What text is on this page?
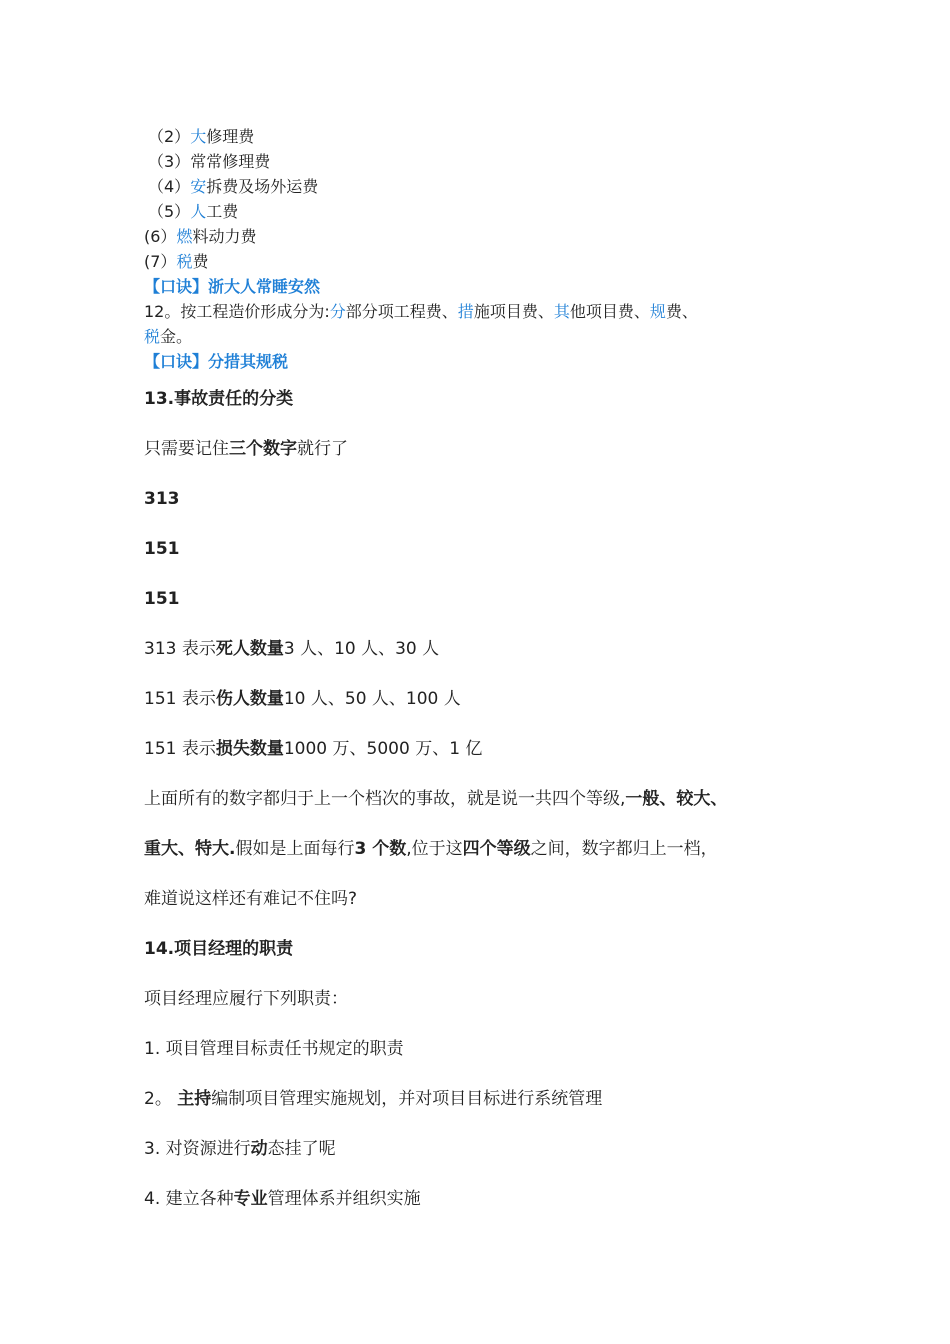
（2）大修理费
（3）常常修理费
（4）安拆费及场外运费
（5）人工费
(6）燃料动力费
(7）税费
【口诀】浙大人常睡安然
12。按工程造价形成分为:分部分项工程费、措施项目费、其他项目费、规费、
税金。
【口诀】分措其规税
13.事故责任的分类
只需要记住三个数字就行了
313
151
151
313 表示死人数量3 人、10 人、30 人
151 表示伤人数量10 人、50 人、100 人
151 表示损失数量1000 万、5000 万、1 亿
上面所有的数字都归于上一个档次的事故，就是说一共四个等级,一般、较大、
重大、特大.假如是上面每行3 个数,位于这四个等级之间，数字都归上一档，
难道说这样还有难记不住吗?
14.项目经理的职责
项目经理应履行下列职责：
1. 项目管理目标责任书规定的职责
2。 主持编制项目管理实施规划，并对项目目标进行系统管理
3. 对资源进行动态挂了呢
4. 建立各种专业管理体系并组织实施
